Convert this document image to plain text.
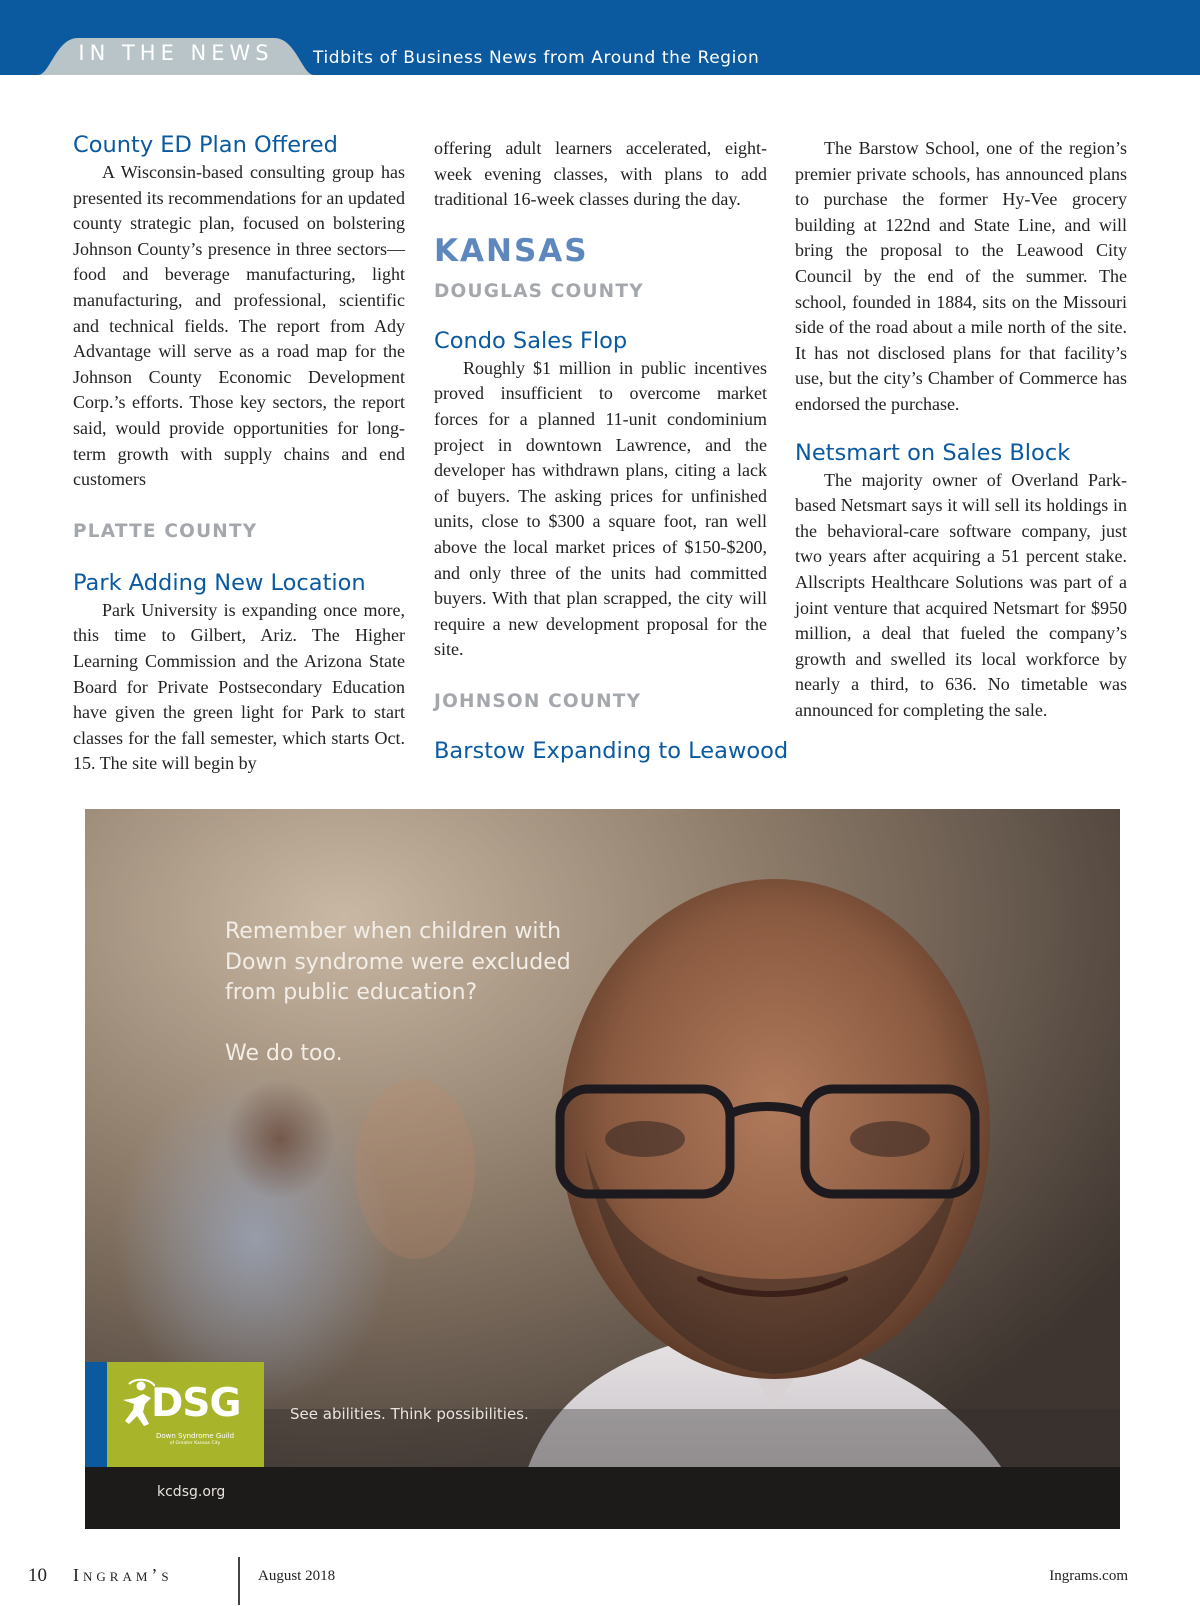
IN THE NEWS	Tidbits of Business News from Around the Region
County ED Plan Offered

A Wisconsin-based consulting group has presented its recommendations for an updated county strategic plan, focused on bolstering Johnson County’s presence in three sectors—food and beverage manufacturing, light manufacturing, and professional, scientific and technical fields. The report from Ady Advantage will serve as a road map for the Johnson County Economic Development Corp.’s efforts. Those key sectors, the report said, would provide opportunities for long-term growth with supply chains and end customers

PLATTE COUNTY
Park Adding New Location

Park University is expanding once more, this time to Gilbert, Ariz. The Higher Learning Commission and the Arizona State Board for Private Postsecondary Education have given the green light for Park to start classes for the fall semester, which starts Oct. 15. The site will begin by

offering adult learners accelerated, eight-week evening classes, with plans to add traditional 16-week classes during the day.

KANSAS
DOUGLAS COUNTY
Condo Sales Flop

Roughly $1 million in public incentives proved insufficient to overcome market forces for a planned 11-unit condominium project in downtown Lawrence, and the developer has withdrawn plans, citing a lack of buyers. The asking prices for unfinished units, close to $300 a square foot, ran well above the local market prices of $150-$200, and only three of the units had committed buyers. With that plan scrapped, the city will require a new development proposal for the site.

JOHNSON COUNTY
Barstow Expanding to Leawood

The Barstow School, one of the region’s premier private schools, has announced plans to purchase the former Hy-Vee grocery building at 122nd and State Line, and will bring the proposal to the Leawood City Council by the end of the summer. The school, founded in 1884, sits on the Missouri side of the road about a mile north of the site. It has not disclosed plans for that facility’s use, but the city’s Chamber of Commerce has endorsed the purchase.

Netsmart on Sales Block

The majority owner of Overland Park-based Netsmart says it will sell its holdings in the behavioral-care software company, just two years after acquiring a 51 percent stake. Allscripts Healthcare Solutions was part of a joint venture that acquired Netsmart for $950 million, a deal that fueled the company’s growth and swelled its local workforce by nearly a third, to 636. No timetable was announced for completing the sale.

Remember when children with
Down syndrome were excluded
from public education?
We do too.
DSG
Down Syndrome Guild
of Greater Kansas City
See abilities. Think possibilities.
kcdsg.org
10 Ingram’s	August 2018	Ingrams.com
